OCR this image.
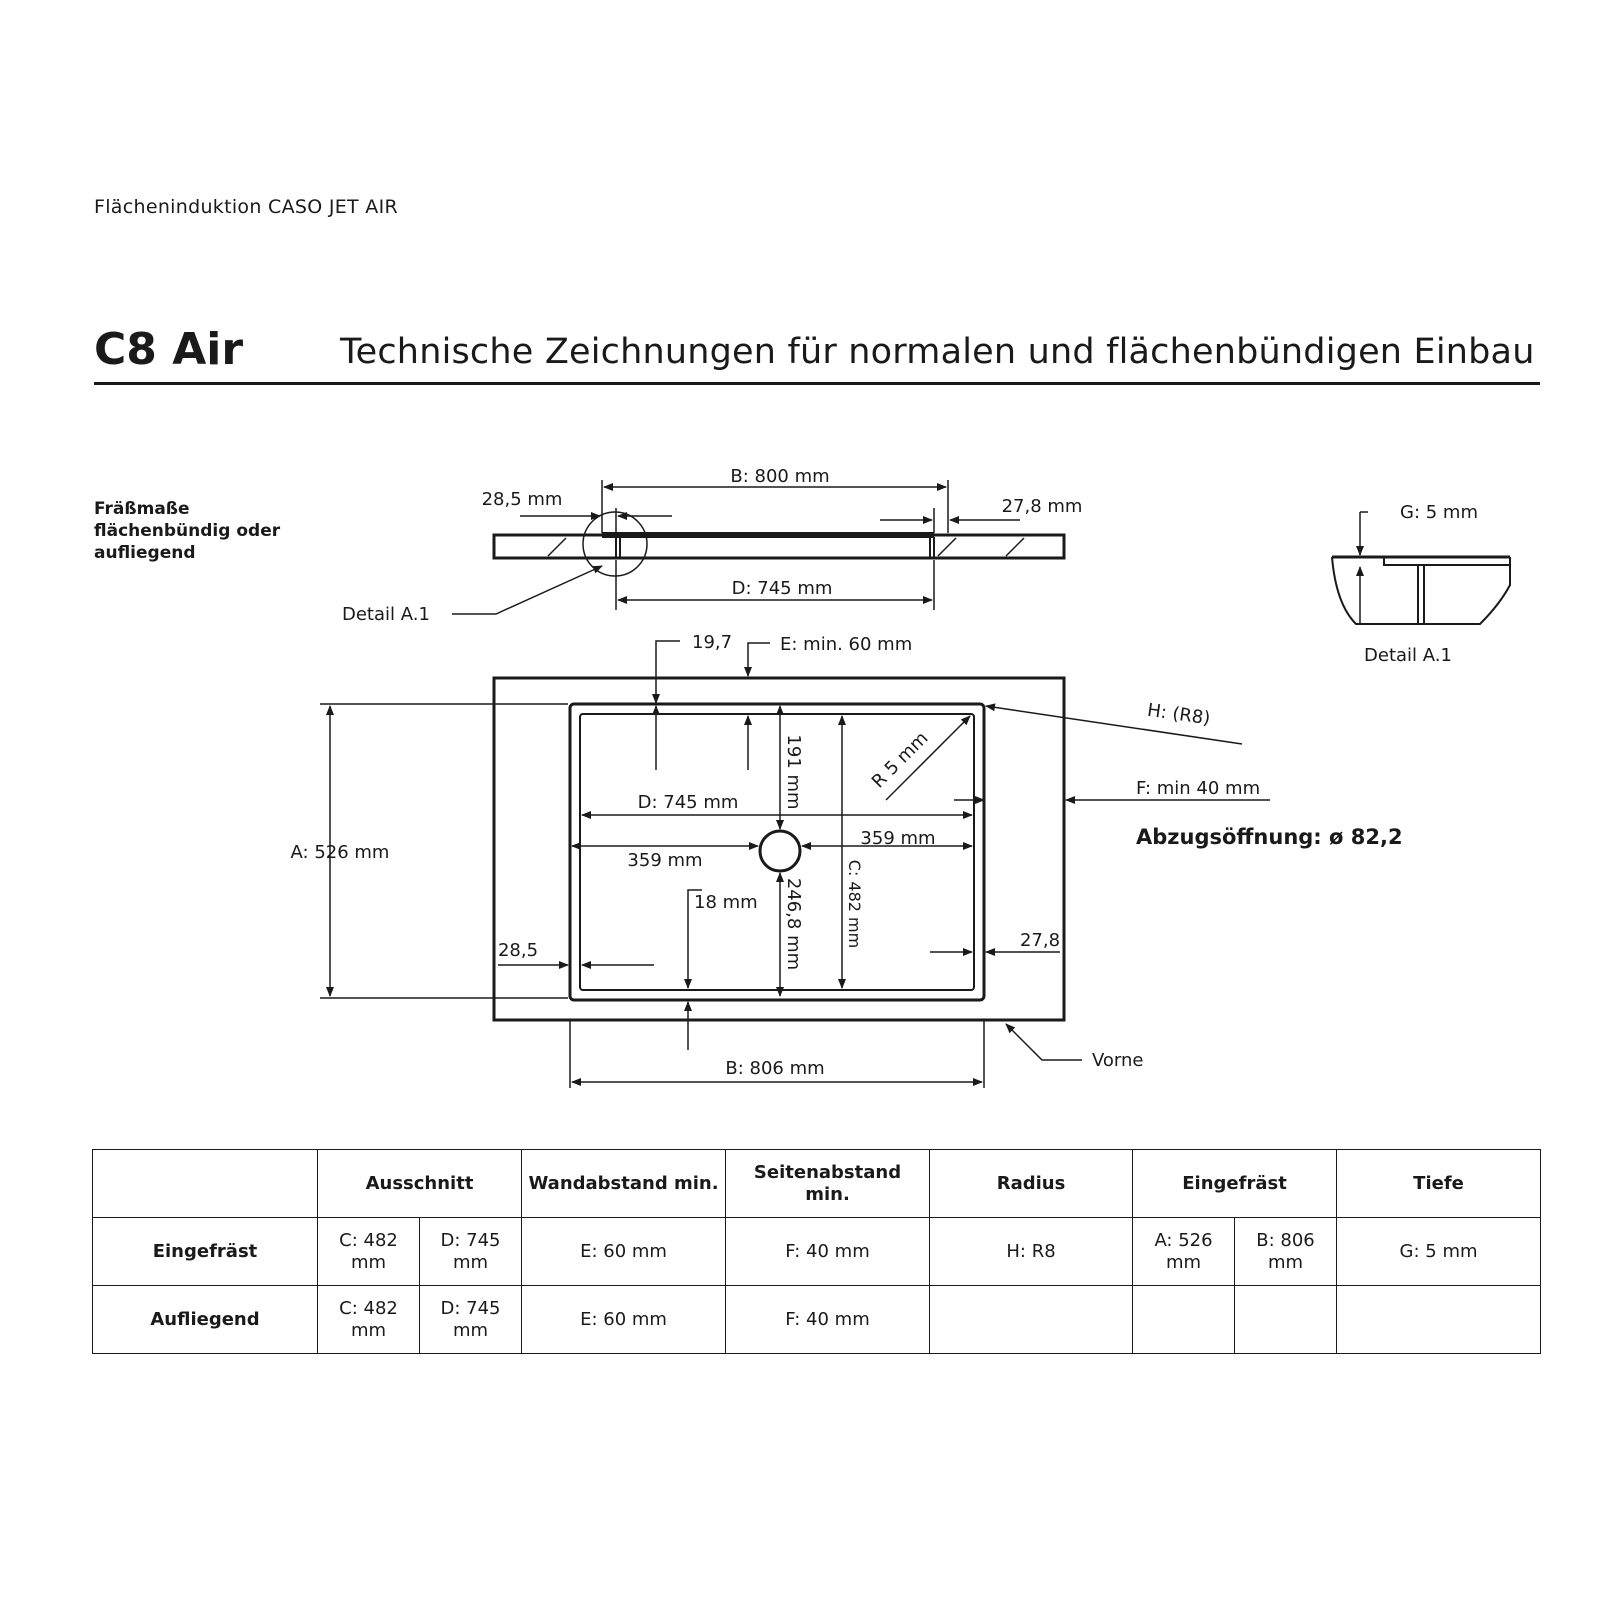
Flächeninduktion CASO JET AIR
C8 Air	Technische Zeichnungen für normalen und flächenbündigen Einbau
Fräßmaße
flächenbündig oder
aufliegend
B: 800 mm
28,5 mm	27,8 mm
D: 745 mm
Detail A.1
G: 5 mm
Detail A.1
19,7	E: min. 60 mm
H: (R8)
R 5 mm	F: min 40 mm
Abzugsöffnung: ø 82,2
A: 526 mm
D: 745 mm 191 mm
359 mm
359 mm
18 mm 246,8 mm	C: 482 mm
28,5	27,8
B: 806 mm	Vorne
	Ausschnitt		Wandabstand min.	Seitenabstand min.	Radius	Eingefräst		Tiefe
Eingefräst	C: 482 mm	D: 745 mm	E: 60 mm	F: 40 mm	H: R8	A: 526 mm	B: 806 mm	G: 5 mm
Aufliegend	C: 482 mm	D: 745 mm	E: 60 mm	F: 40 mm				
